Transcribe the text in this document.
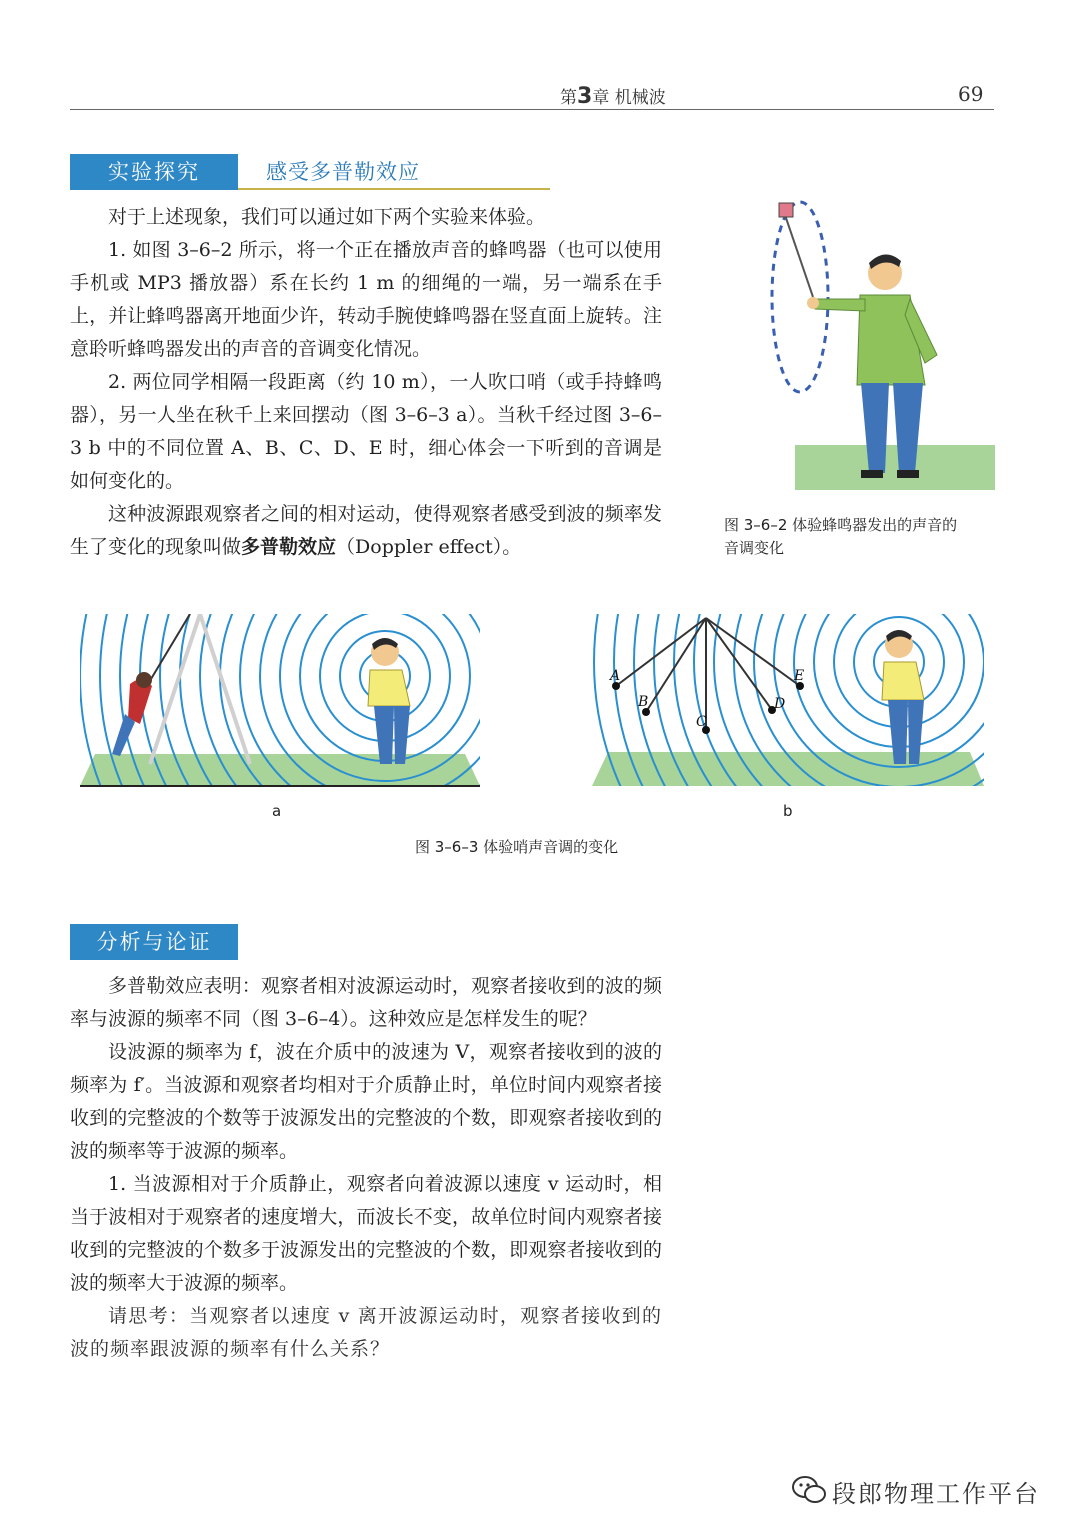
第3章 机械波	69
实验探究	感受多普勒效应

对于上述现象，我们可以通过如下两个实验来体验。

1. 如图 3–6–2 所示，将一个正在播放声音的蜂鸣器（也可以使用手机或 MP3 播放器）系在长约 1 m 的细绳的一端，另一端系在手上，并让蜂鸣器离开地面少许，转动手腕使蜂鸣器在竖直面上旋转。注意聆听蜂鸣器发出的声音的音调变化情况。

2. 两位同学相隔一段距离（约 10 m），一人吹口哨（或手持蜂鸣器），另一人坐在秋千上来回摆动（图 3–6–3 a）。当秋千经过图 3–6–3 b 中的不同位置 A、B、C、D、E 时，细心体会一下听到的音调是如何变化的。

这种波源跟观察者之间的相对运动，使得观察者感受到波的频率发生了变化的现象叫做多普勒效应（Doppler effect）。

图 3–6–2 体验蜂鸣器发出的声音的
音调变化
A
B
C
D
E
a	b
图 3–6–3 体验哨声音调的变化
分析与论证

多普勒效应表明：观察者相对波源运动时，观察者接收到的波的频率与波源的频率不同（图 3–6–4）。这种效应是怎样发生的呢？

设波源的频率为 f，波在介质中的波速为 V，观察者接收到的波的频率为 f′。当波源和观察者均相对于介质静止时，单位时间内观察者接收到的完整波的个数等于波源发出的完整波的个数，即观察者接收到的波的频率等于波源的频率。

1. 当波源相对于介质静止，观察者向着波源以速度 v 运动时，相当于波相对于观察者的速度增大，而波长不变，故单位时间内观察者接收到的完整波的个数多于波源发出的完整波的个数，即观察者接收到的波的频率大于波源的频率。

请思考：当观察者以速度 v 离开波源运动时，观察者接收到的波的频率跟波源的频率有什么关系？

段郎物理工作平台
